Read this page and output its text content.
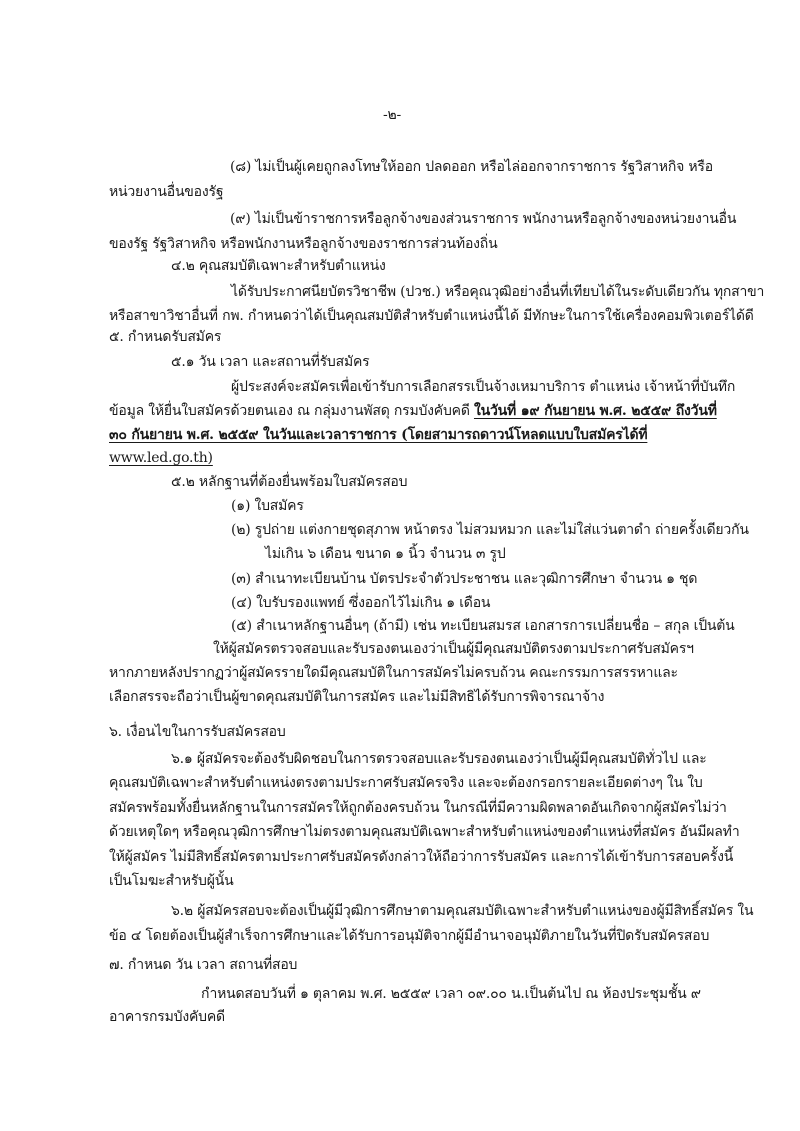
-๒-
(๘) ไม่เป็นผู้เคยถูกลงโทษให้ออก ปลดออก หรือไล่ออกจากราชการ รัฐวิสาหกิจ หรือ
หน่วยงานอื่นของรัฐ
(๙) ไม่เป็นข้าราชการหรือลูกจ้างของส่วนราชการ พนักงานหรือลูกจ้างของหน่วยงานอื่น
ของรัฐ รัฐวิสาหกิจ หรือพนักงานหรือลูกจ้างของราชการส่วนท้องถิ่น
๔.๒ คุณสมบัติเฉพาะสำหรับตำแหน่ง
ได้รับประกาศนียบัตรวิชาชีพ (ปวช.) หรือคุณวุฒิอย่างอื่นที่เทียบได้ในระดับเดียวกัน ทุกสาขา
หรือสาขาวิชาอื่นที่ กพ. กำหนดว่าได้เป็นคุณสมบัติสำหรับตำแหน่งนี้ได้ มีทักษะในการใช้เครื่องคอมพิวเตอร์ได้ดี
๕. กำหนดรับสมัคร
๕.๑ วัน เวลา และสถานที่รับสมัคร
ผู้ประสงค์จะสมัครเพื่อเข้ารับการเลือกสรรเป็นจ้างเหมาบริการ ตำแหน่ง เจ้าหน้าที่บันทึก
ข้อมูล ให้ยื่นใบสมัครด้วยตนเอง ณ กลุ่มงานพัสดุ กรมบังคับคดี ในวันที่ ๑๙ กันยายน พ.ศ. ๒๕๕๙ ถึงวันที่
๓๐ กันยายน พ.ศ. ๒๕๕๙ ในวันและเวลาราชการ (โดยสามารถดาวน์โหลดแบบใบสมัครได้ที่
www.led.go.th)
๕.๒ หลักฐานที่ต้องยื่นพร้อมใบสมัครสอบ
(๑) ใบสมัคร
(๒) รูปถ่าย แต่งกายชุดสุภาพ หน้าตรง ไม่สวมหมวก และไม่ใส่แว่นตาดำ ถ่ายครั้งเดียวกัน
ไม่เกิน ๖ เดือน ขนาด ๑ นิ้ว จำนวน ๓ รูป
(๓) สำเนาทะเบียนบ้าน บัตรประจำตัวประชาชน และวุฒิการศึกษา จำนวน ๑ ชุด
(๔) ใบรับรองแพทย์ ซึ่งออกไว้ไม่เกิน ๑ เดือน
(๕) สำเนาหลักฐานอื่นๆ (ถ้ามี) เช่น ทะเบียนสมรส เอกสารการเปลี่ยนชื่อ – สกุล เป็นต้น
ให้ผู้สมัครตรวจสอบและรับรองตนเองว่าเป็นผู้มีคุณสมบัติตรงตามประกาศรับสมัครฯ
หากภายหลังปรากฏว่าผู้สมัครรายใดมีคุณสมบัติในการสมัครไม่ครบถ้วน คณะกรรมการสรรหาและ
เลือกสรรจะถือว่าเป็นผู้ขาดคุณสมบัติในการสมัคร และไม่มีสิทธิได้รับการพิจารณาจ้าง
๖. เงื่อนไขในการรับสมัครสอบ
๖.๑ ผู้สมัครจะต้องรับผิดชอบในการตรวจสอบและรับรองตนเองว่าเป็นผู้มีคุณสมบัติทั่วไป และ
คุณสมบัติเฉพาะสำหรับตำแหน่งตรงตามประกาศรับสมัครจริง และจะต้องกรอกรายละเอียดต่างๆ ใน ใบ
สมัครพร้อมทั้งยื่นหลักฐานในการสมัครให้ถูกต้องครบถ้วน ในกรณีที่มีความผิดพลาดอันเกิดจากผู้สมัครไม่ว่า
ด้วยเหตุใดๆ หรือคุณวุฒิการศึกษาไม่ตรงตามคุณสมบัติเฉพาะสำหรับตำแหน่งของตำแหน่งที่สมัคร อันมีผลทำ
ให้ผู้สมัคร ไม่มีสิทธิ์สมัครตามประกาศรับสมัครดังกล่าวให้ถือว่าการรับสมัคร และการได้เข้ารับการสอบครั้งนี้
เป็นโมฆะสำหรับผู้นั้น
๖.๒ ผู้สมัครสอบจะต้องเป็นผู้มีวุฒิการศึกษาตามคุณสมบัติเฉพาะสำหรับตำแหน่งของผู้มีสิทธิ์สมัคร ใน
ข้อ ๔ โดยต้องเป็นผู้สำเร็จการศึกษาและได้รับการอนุมัติจากผู้มีอำนาจอนุมัติภายในวันที่ปิดรับสมัครสอบ
๗. กำหนด วัน เวลา สถานที่สอบ
กำหนดสอบวันที่ ๑ ตุลาคม พ.ศ. ๒๕๕๙ เวลา ๐๙.๐๐ น.เป็นต้นไป ณ ห้องประชุมชั้น ๙
อาคารกรมบังคับคดี
